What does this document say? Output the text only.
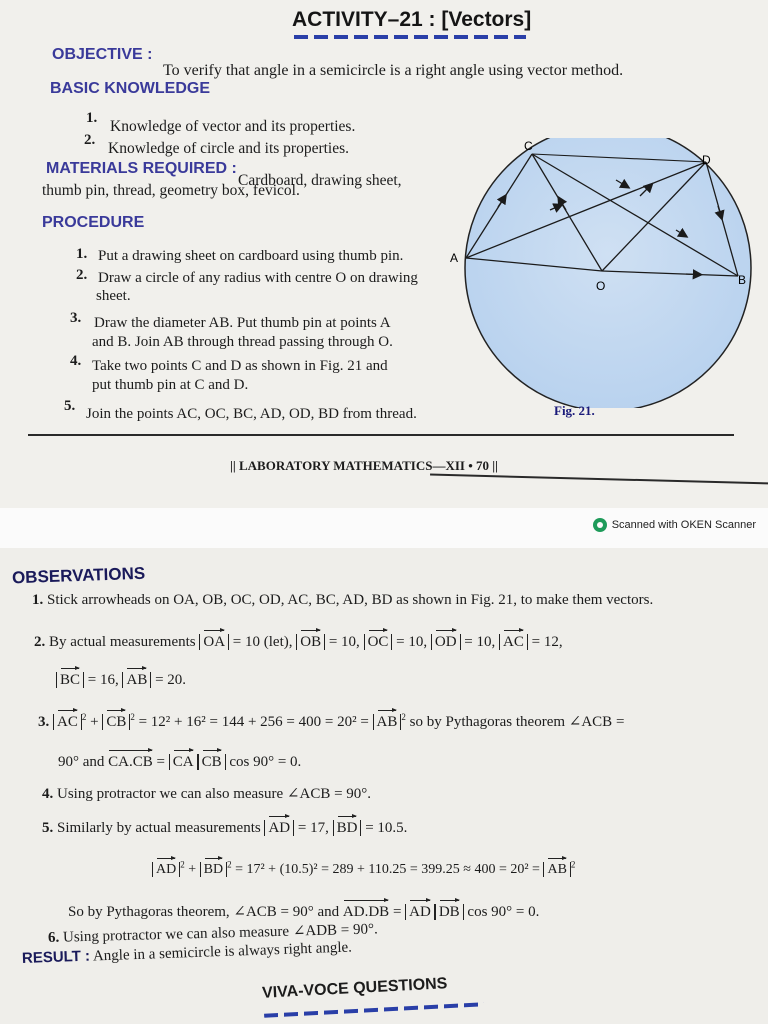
ACTIVITY–21 : [Vectors]
OBJECTIVE :
To verify that angle in a semicircle is a right angle using vector method.
BASIC KNOWLEDGE
1. Knowledge of vector and its properties.
2. Knowledge of circle and its properties.
MATERIALS REQUIRED :
Cardboard, drawing sheet,
thumb pin, thread, geometry box, fevicol.
PROCEDURE
1. Put a drawing sheet on cardboard using thumb pin.
2. Draw a circle of any radius with centre O on drawing
sheet.
3. Draw the diameter AB. Put thumb pin at points A
and B. Join AB through thread passing through O.
4. Take two points C and D as shown in Fig. 21 and
put thumb pin at C and D.
5. Join the points AC, OC, BC, AD, OD, BD from thread.
C
D
A
B
O
Fig. 21.
|| LABORATORY MATHEMATICS—XII • 70 ||
Scanned with OKEN Scanner
OBSERVATIONS
1. Stick arrowheads on OA, OB, OC, OD, AC, BC, AD, BD as shown in Fig. 21, to make them vectors.
2. By actual measurements OA = 10 (let), OB = 10, OC = 10, OD = 10, AC = 12,
BC = 16, AB = 20.
3. AC $^2$ + CB $^2$ = 12² + 16² = 144 + 256 = 400 = 20² = AB $^2$ so by Pythagoras theorem ∠ACB =
90° and CA.CB = CA CB cos 90° = 0.
4. Using protractor we can also measure ∠ACB = 90°.
5. Similarly by actual measurements AD = 17, BD = 10.5.
AD $^2$ + BD $^2$ = 17² + (10.5)² = 289 + 110.25 = 399.25 ≈ 400 = 20² = AB $^2$
So by Pythagoras theorem, ∠ACB = 90° and AD.DB = AD DB cos 90° = 0.
6. Using protractor we can also measure ∠ADB = 90°.
RESULT : Angle in a semicircle is always right angle.
VIVA-VOCE QUESTIONS
